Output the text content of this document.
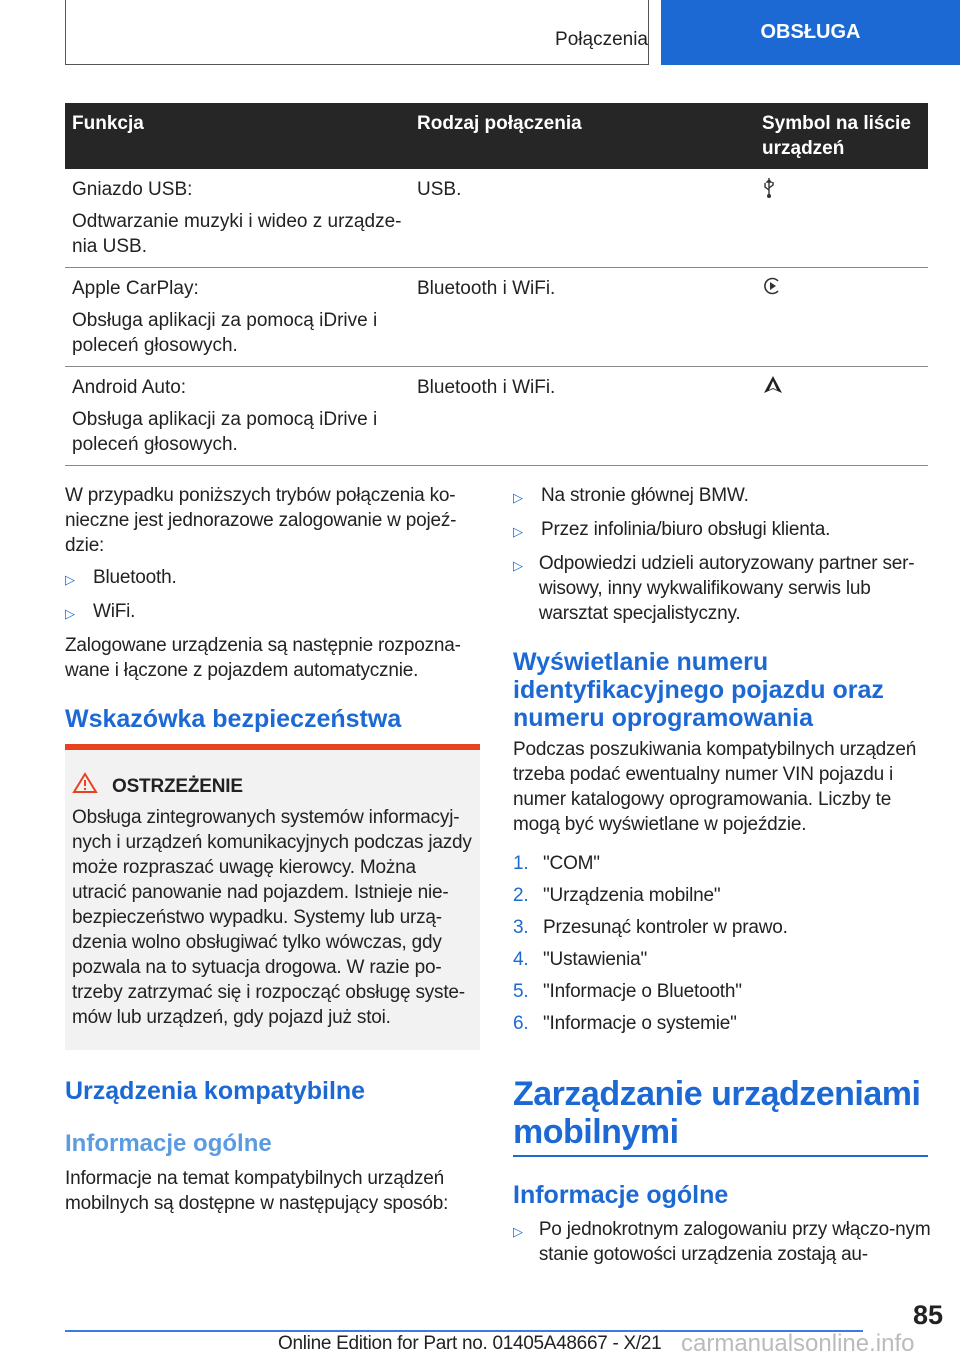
Połączenia	OBSŁUGA
Funkcja	Rodzaj połączenia	Symbol na liście urządzeń

Gniazdo USB:

Odtwarzanie muzyki i wideo z urządze-nia USB.	USB.	

Apple CarPlay:

Obsługa aplikacji za pomocą iDrive i poleceń głosowych.	Bluetooth i WiFi.	

Android Auto:

Obsługa aplikacji za pomocą iDrive i poleceń głosowych.	Bluetooth i WiFi.	

W przypadku poniższych trybów połączenia ko-nieczne jest jednorazowe zalogowanie w pojeź-dzie:

▷ Bluetooth.
▷ WiFi.

Zalogowane urządzenia są następnie rozpozna-wane i łączone z pojazdem automatycznie.

Wskazówka bezpieczeństwa
OSTRZEŻENIE

Obsługa zintegrowanych systemów informacyj-nych i urządzeń komunikacyjnych podczas jazdy może rozpraszać uwagę kierowcy. Można utracić panowanie nad pojazdem. Istnieje nie-bezpieczeństwo wypadku. Systemy lub urzą-dzenia wolno obsługiwać tylko wówczas, gdy pozwala na to sytuacja drogowa. W razie po-trzeby zatrzymać się i rozpocząć obsługę syste-mów lub urządzeń, gdy pojazd już stoi.

Urządzenia kompatybilne
Informacje ogólne

Informacje na temat kompatybilnych urządzeń mobilnych są dostępne w następujący sposób:

▷ Na stronie głównej BMW.
▷ Przez infolinia/biuro obsługi klienta.
▷ Odpowiedzi udzieli autoryzowany partner ser-wisowy, inny wykwalifikowany serwis lub warsztat specjalistyczny.
Wyświetlanie numeru identyfikacyjnego pojazdu oraz numeru oprogramowania

Podczas poszukiwania kompatybilnych urządzeń trzeba podać ewentualny numer VIN pojazdu i numer katalogowy oprogramowania. Liczby te mogą być wyświetlane w pojeździe.

1. "COM"
2. "Urządzenia mobilne"
3. Przesunąć kontroler w prawo.
4. "Ustawienia"
5. "Informacje o Bluetooth"
6. "Informacje o systemie"
Zarządzanie urządzeniami mobilnymi
Informacje ogólne
▷ Po jednokrotnym zalogowaniu przy włączo-nym stanie gotowości urządzenia zostają au-
85
Online Edition for Part no. 01405A48667 - X/21 carmanualsonline.info
